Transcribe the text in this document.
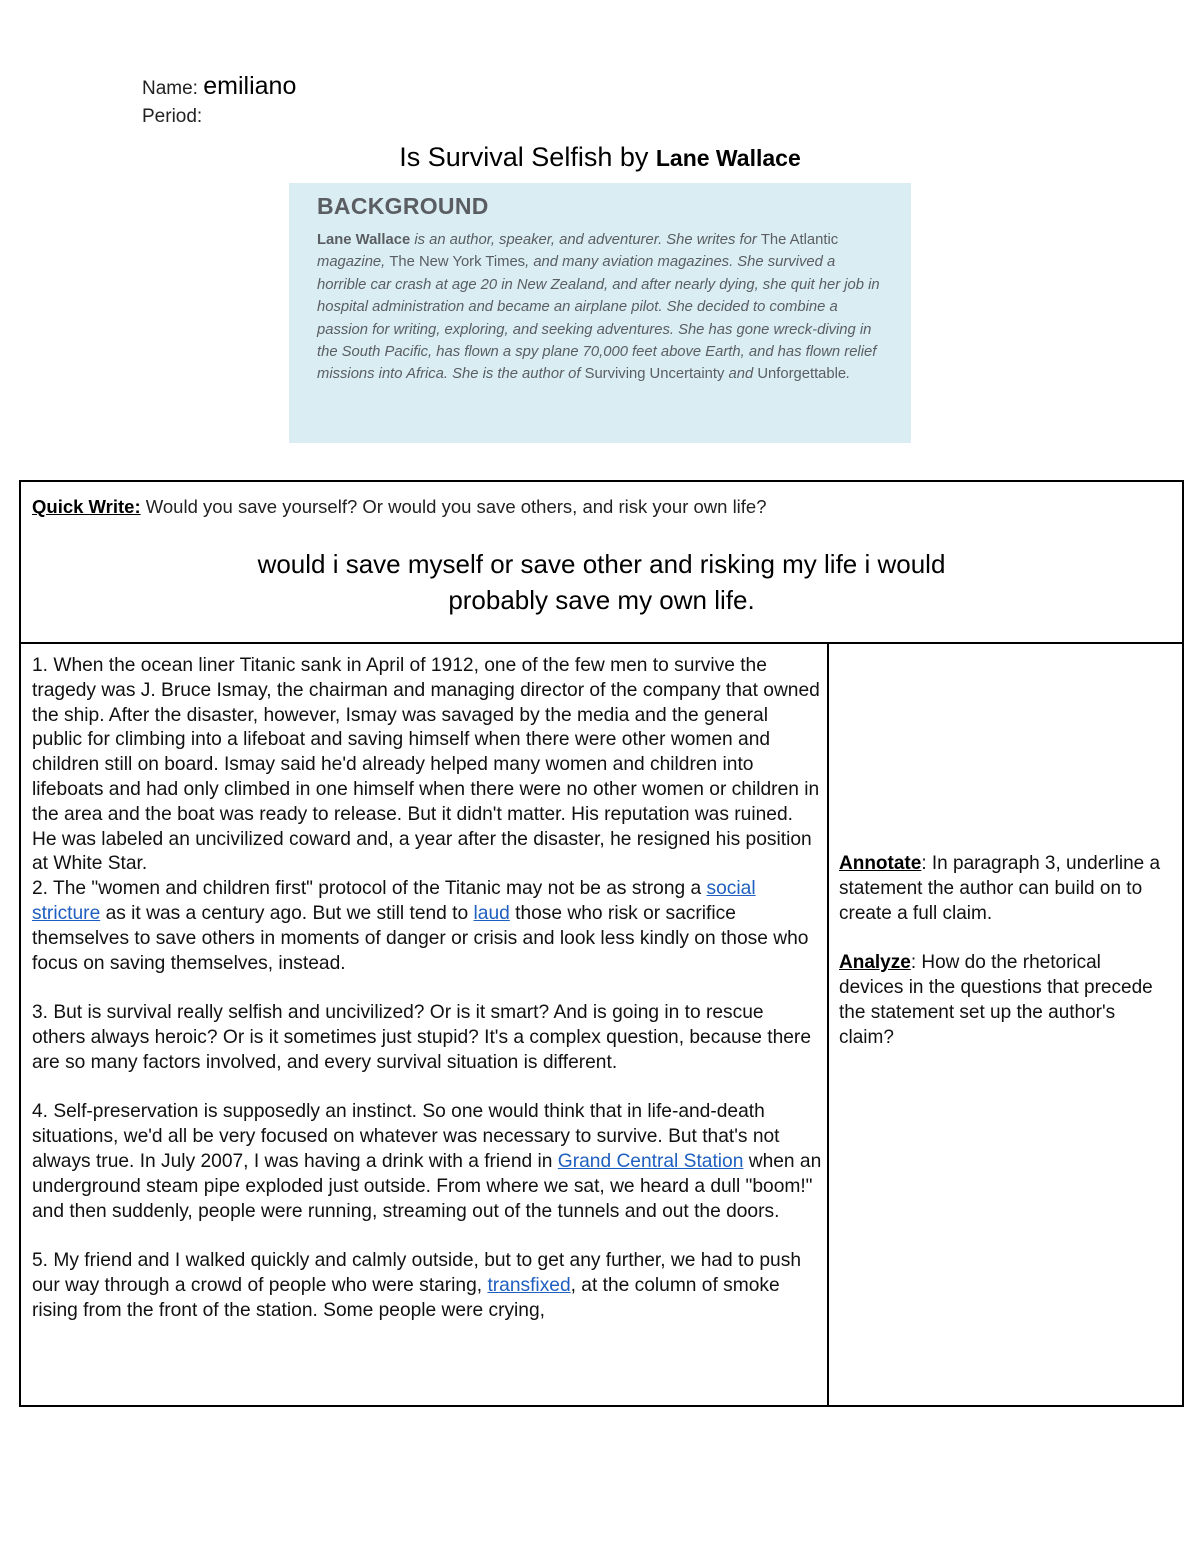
Name: emiliano
Period:
Is Survival Selfish by Lane Wallace
BACKGROUND
Lane Wallace is an author, speaker, and adventurer. She writes for The Atlantic magazine, The New York Times, and many aviation magazines. She survived a horrible car crash at age 20 in New Zealand, and after nearly dying, she quit her job in hospital administration and became an airplane pilot. She decided to combine a passion for writing, exploring, and seeking adventures. She has gone wreck-diving in the South Pacific, has flown a spy plane 70,000 feet above Earth, and has flown relief missions into Africa. She is the author of Surviving Uncertainty and Unforgettable.
Quick Write: Would you save yourself? Or would you save others, and risk your own life?
would i save myself or save other and risking my life i would
probably save my own life.

1. When the ocean liner Titanic sank in April of 1912, one of the few men to survive the tragedy was J. Bruce Ismay, the chairman and managing director of the company that owned the ship. After the disaster, however, Ismay was savaged by the media and the general public for climbing into a lifeboat and saving himself when there were other women and children still on board. Ismay said he'd already helped many women and children into lifeboats and had only climbed in one himself when there were no other women or children in the area and the boat was ready to release. But it didn't matter. His reputation was ruined. He was labeled an uncivilized coward and, a year after the disaster, he resigned his position at White Star.

2. The "women and children first" protocol of the Titanic may not be as strong a social stricture as it was a century ago. But we still tend to laud those who risk or sacrifice themselves to save others in moments of danger or crisis and look less kindly on those who focus on saving themselves, instead.

3. But is survival really selfish and uncivilized? Or is it smart? And is going in to rescue others always heroic? Or is it sometimes just stupid? It's a complex question, because there are so many factors involved, and every survival situation is different.

4. Self-preservation is supposedly an instinct. So one would think that in life-and-death situations, we'd all be very focused on whatever was necessary to survive. But that's not always true. In July 2007, I was having a drink with a friend in Grand Central Station when an underground steam pipe exploded just outside. From where we sat, we heard a dull "boom!" and then suddenly, people were running, streaming out of the tunnels and out the doors.

5. My friend and I walked quickly and calmly outside, but to get any further, we had to push our way through a crowd of people who were staring, transfixed, at the column of smoke rising from the front of the station. Some people were crying,

Annotate: In paragraph 3, underline a statement the author can build on to create a full claim.

Analyze: How do the rhetorical devices in the questions that precede the statement set up the author's claim?
